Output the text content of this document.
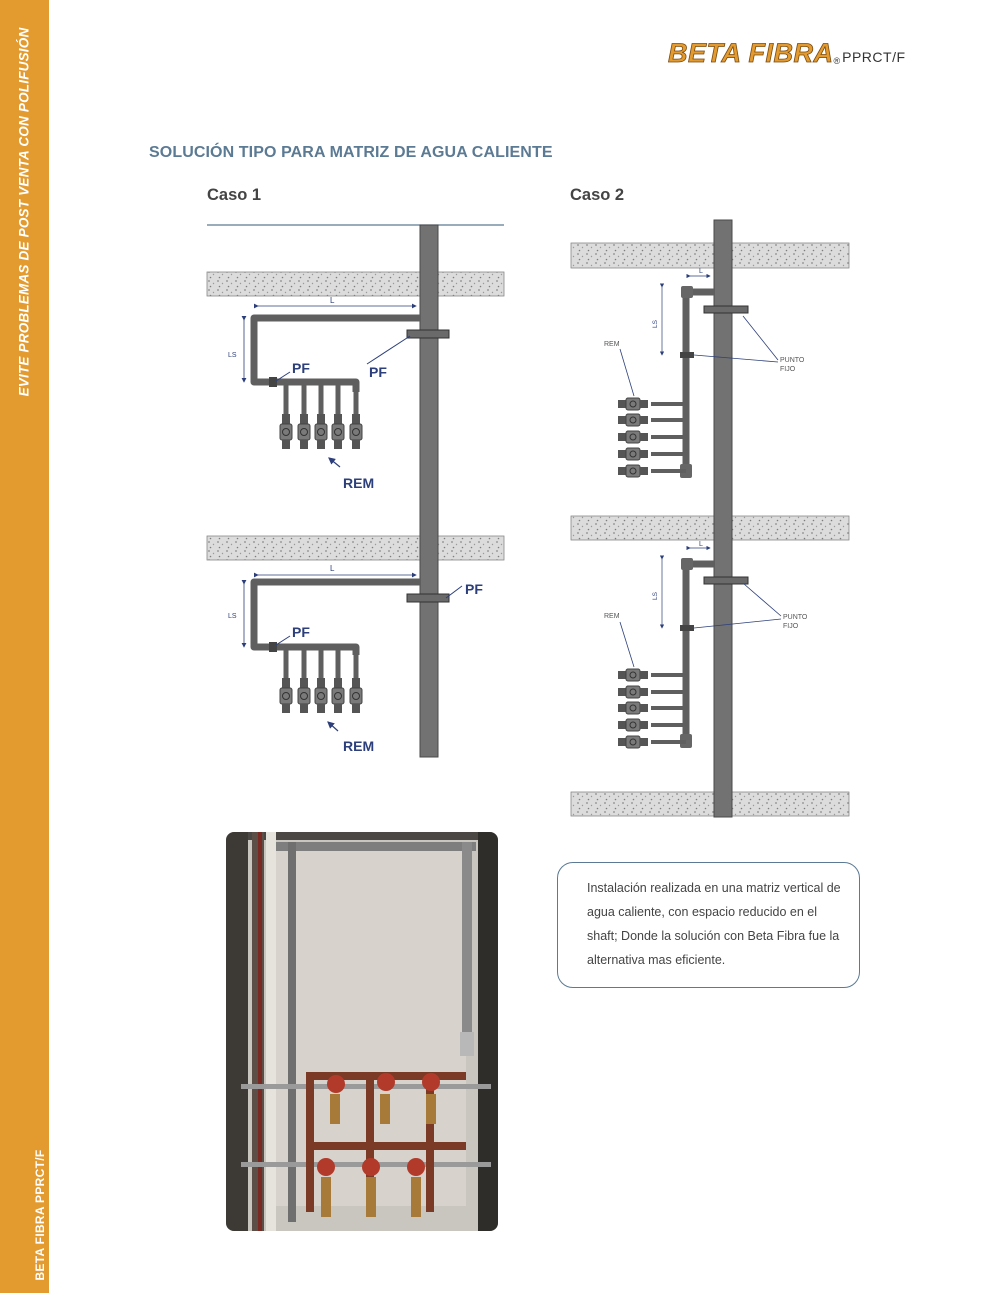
EVITE PROBLEMAS DE POST VENTA CON POLIFUSIÓN
BETA FIBRA PPRCT/F
BETA FIBRA® PPRCT/F
SOLUCIÓN TIPO PARA MATRIZ DE AGUA CALIENTE
Caso 1	Caso 2
L
LS
PF	PF
REM
L
LS
PF
PF
REM
L
LS
REM
PUNTO
FIJO
L
LS
REM	PUNTO
FIJO
Instalación realizada en una matriz vertical de agua caliente, con espacio reducido en el shaft; Donde la solución con Beta Fibra fue la alternativa mas eficiente.
